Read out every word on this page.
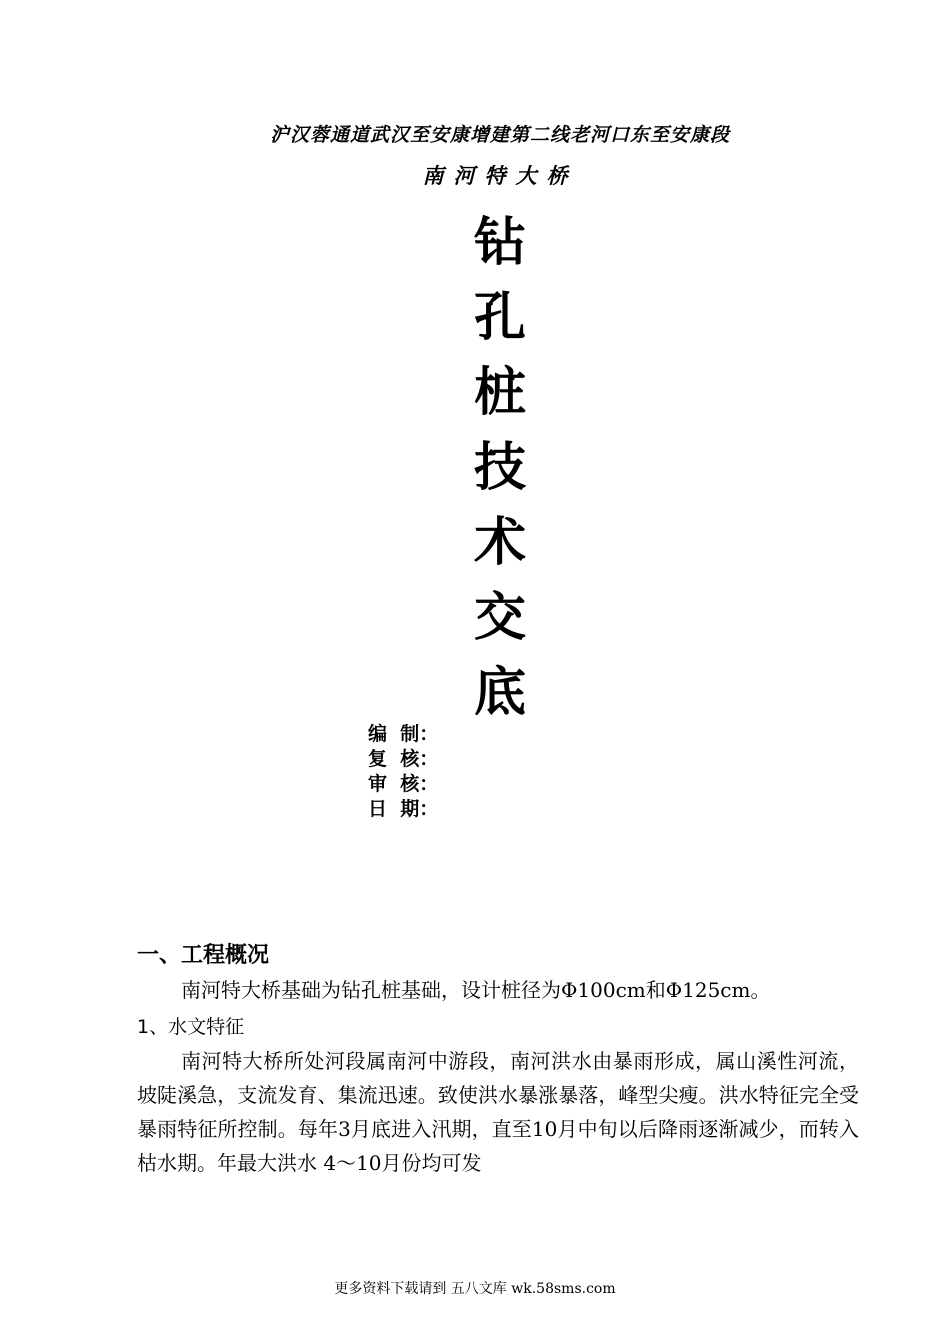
沪汉蓉通道武汉至安康增建第二线老河口东至安康段
南河特大桥
钻
孔
桩
技
术
交
底
编  制：
复  核：
审  核：
日  期：
一、工程概况
南河特大桥基础为钻孔桩基础，设计桩径为Φ100cm和Φ125cm。
1、水文特征
南河特大桥所处河段属南河中游段，南河洪水由暴雨形成，属山溪性河流，坡陡溪急，支流发育、集流迅速。致使洪水暴涨暴落，峰型尖瘦。洪水特征完全受暴雨特征所控制。每年3月底进入汛期，直至10月中旬以后降雨逐渐减少，而转入枯水期。年最大洪水 4～10月份均可发
更多资料下载请到 五八文库 wk.58sms.com
